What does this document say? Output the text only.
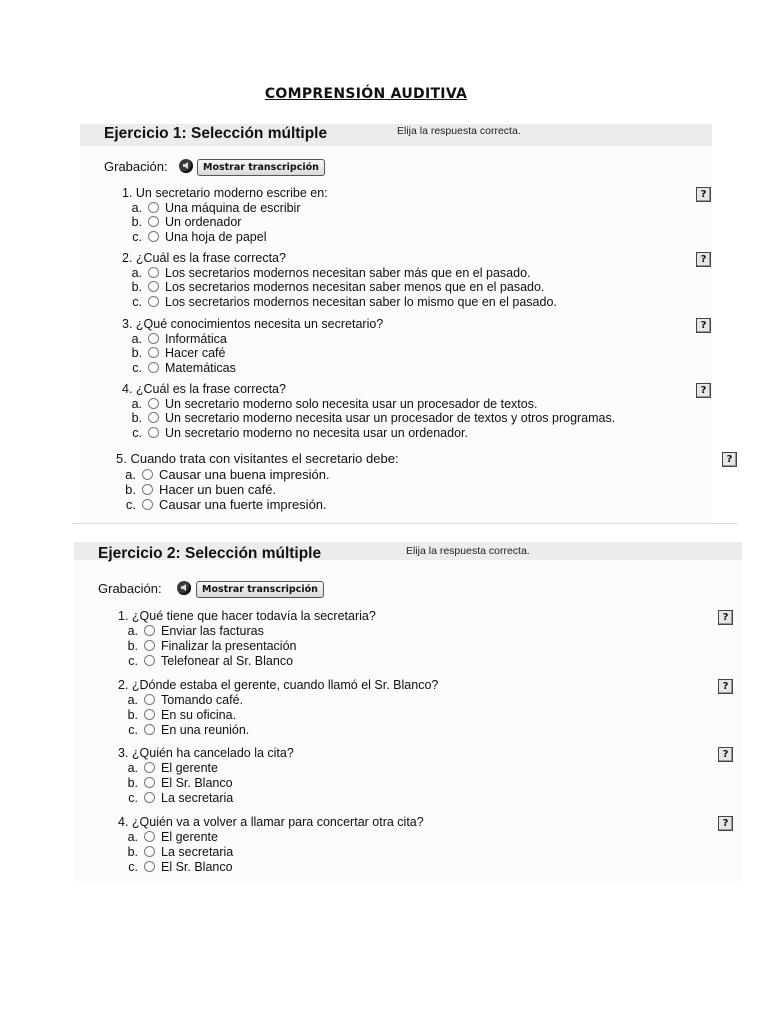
COMPRENSIÓN AUDITIVA
Ejercicio 1: Selección múltiple	Elija la respuesta correcta.
Grabación:	Mostrar transcripción
1. Un secretario moderno escribe en:	?
a. Una máquina de escribir
b. Un ordenador
c. Una hoja de papel
2. ¿Cuál es la frase correcta?	?
a. Los secretarios modernos necesitan saber más que en el pasado.
b. Los secretarios modernos necesitan saber menos que en el pasado.
c. Los secretarios modernos necesitan saber lo mismo que en el pasado.
3. ¿Qué conocimientos necesita un secretario?	?
a. Informática
b. Hacer café
c. Matemáticas
4. ¿Cuál es la frase correcta?	?
a. Un secretario moderno solo necesita usar un procesador de textos.
b. Un secretario moderno necesita usar un procesador de textos y otros programas.
c. Un secretario moderno no necesita usar un ordenador.
5. Cuando trata con visitantes el secretario debe:	?
a. Causar una buena impresión.
b. Hacer un buen café.
c. Causar una fuerte impresión.
Ejercicio 2: Selección múltiple	Elija la respuesta correcta.
Grabación:	Mostrar transcripción
1. ¿Qué tiene que hacer todavía la secretaria?	?
a. Enviar las facturas
b. Finalizar la presentación
c. Telefonear al Sr. Blanco
2. ¿Dónde estaba el gerente, cuando llamó el Sr. Blanco?	?
a. Tomando café.
b. En su oficina.
c. En una reunión.
3. ¿Quién ha cancelado la cita?	?
a. El gerente
b. El Sr. Blanco
c. La secretaria
4. ¿Quién va a volver a llamar para concertar otra cita?	?
a. El gerente
b. La secretaria
c. El Sr. Blanco
